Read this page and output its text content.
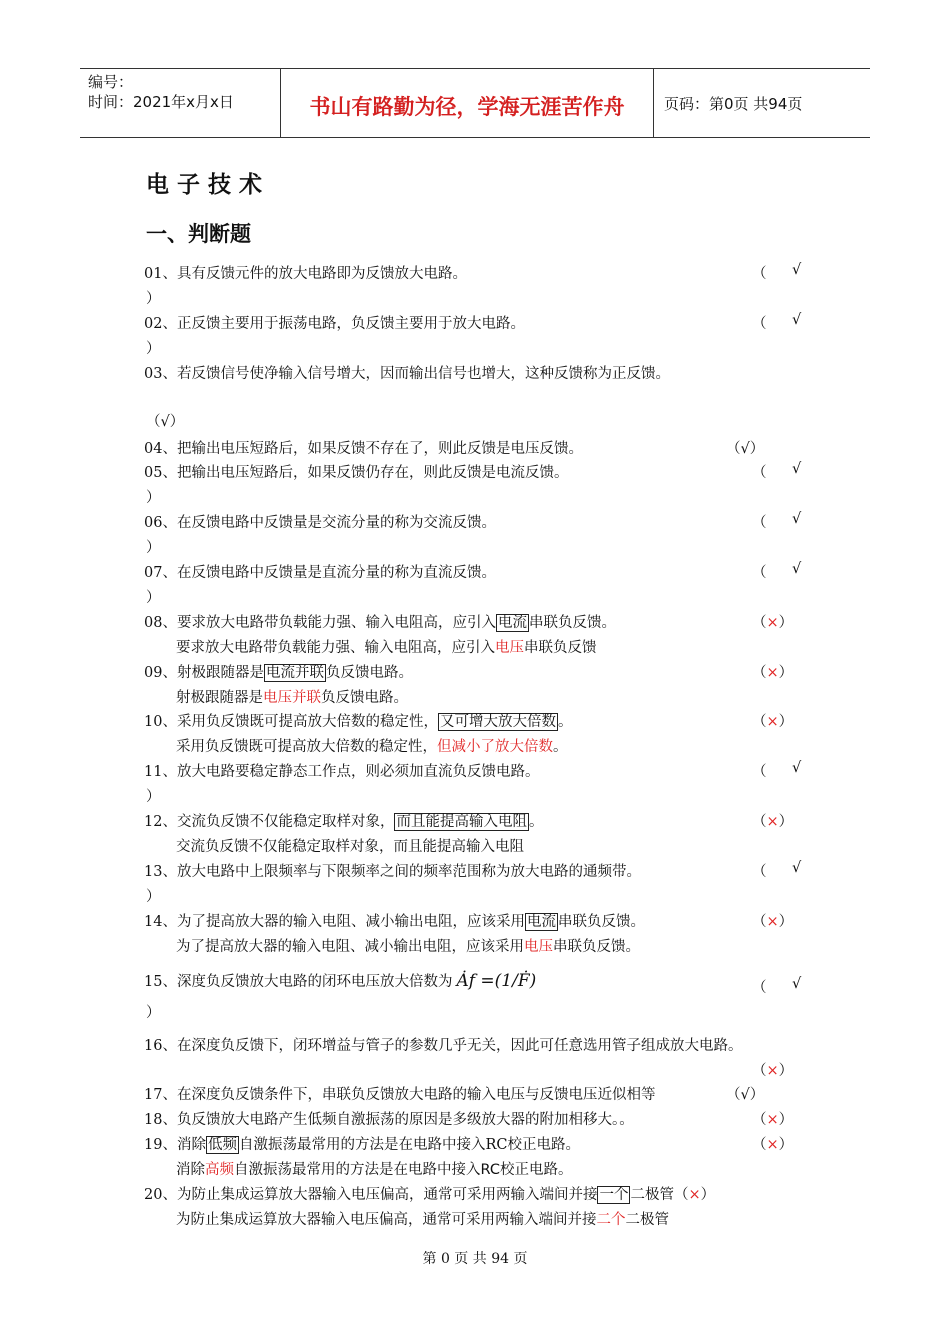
编号：
时间：2021年x月x日	书山有路勤为径，学海无涯苦作舟	页码：第0页 共94页
电子技术
一、判断题
01、具有反馈元件的放大电路即为反馈放大电路。	（ √
）
02、正反馈主要用于振荡电路，负反馈主要用于放大电路。	（ √
）
03、若反馈信号使净输入信号增大，因而输出信号也增大，这种反馈称为正反馈。
（√）
04、把输出电压短路后，如果反馈不存在了，则此反馈是电压反馈。	（√）
05、把输出电压短路后，如果反馈仍存在，则此反馈是电流反馈。	（ √
）
06、在反馈电路中反馈量是交流分量的称为交流反馈。	（ √
）
07、在反馈电路中反馈量是直流分量的称为直流反馈。	（ √
）
08、要求放大电路带负载能力强、输入电阻高，应引入 电流 串联负反馈。	（×）
要求放大电路带负载能力强、输入电阻高，应引入电压串联负反馈
09、射极跟随器是 电流并联 负反馈电路。	（×）
射极跟随器是电压并联负反馈电路。
10、采用负反馈既可提高放大倍数的稳定性， 又可增大放大倍数 。	（×）
采用负反馈既可提高放大倍数的稳定性，但减小了放大倍数。
11、放大电路要稳定静态工作点，则必须加直流负反馈电路。	（ √
）
12、交流负反馈不仅能稳定取样对象， 而且能提高输入电阻 。	（×）
交流负反馈不仅能稳定取样对象，而且能提高输入电阻
13、放大电路中上限频率与下限频率之间的频率范围称为放大电路的通频带。	（ √
）
14、为了提高放大器的输入电阻、减小输出电阻，应该采用 电流 串联负反馈。	（×）
为了提高放大器的输入电阻、减小输出电阻，应该采用电压串联负反馈。
15、深度负反馈放大电路的闭环电压放大倍数为 Ȧf =(1/Ḟ)	（ √
）
16、在深度负反馈下，闭环增益与管子的参数几乎无关，因此可任意选用管子组成放大电路。
（×）
17、在深度负反馈条件下，串联负反馈放大电路的输入电压与反馈电压近似相等	（√）
18、负反馈放大电路产生低频自激振荡的原因是多级放大器的附加相移大。。	（×）
19、消除 低频 自激振荡最常用的方法是在电路中接入RC校正电路。	（×）
消除高频自激振荡最常用的方法是在电路中接入RC校正电路。
20、为防止集成运算放大器输入电压偏高，通常可采用两输入端间并接 一个 二极管（×）
为防止集成运算放大器输入电压偏高，通常可采用两输入端间并接二个二极管
第 0 页 共 94 页
